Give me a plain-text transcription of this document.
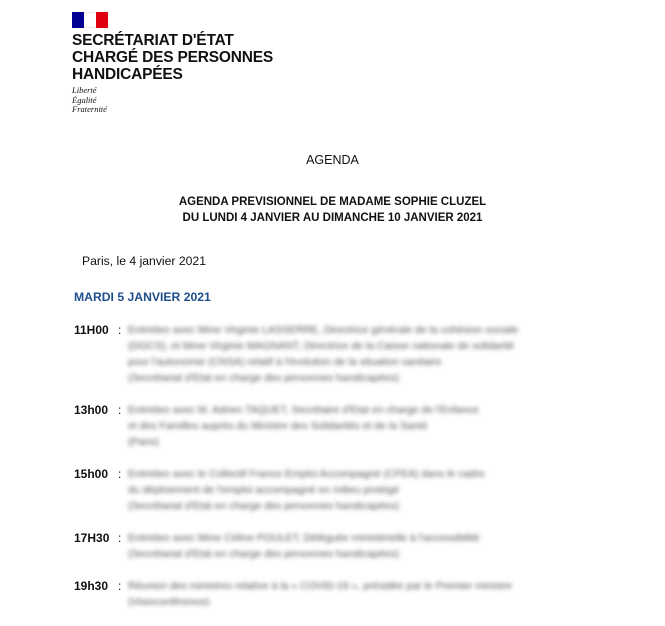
SECRÉTARIAT D'ÉTAT
CHARGÉ DES PERSONNES
HANDICAPÉES
Liberté
Égalité
Fraternité
AGENDA
AGENDA PREVISIONNEL DE MADAME SOPHIE CLUZEL
DU LUNDI 4 JANVIER AU DIMANCHE 10 JANVIER 2021
Paris, le 4 janvier 2021
MARDI 5 JANVIER 2021
11H00 : Entretien avec Mme Virginie LASSERRE, Directrice générale de la cohésion sociale
(DGCS), et Mme Virginie MAGNANT, Directrice de la Caisse nationale de solidarité
pour l'autonomie (CNSA) relatif à l'évolution de la situation sanitaire
(Secrétariat d'Etat en charge des personnes handicapées)
13h00 : Entretien avec M. Adrien TAQUET, Secrétaire d'Etat en charge de l'Enfance
et des Familles auprès du Ministre des Solidarités et de la Santé
(Paris)
15h00 : Entretien avec le Collectif France Emploi Accompagné (CFEA) dans le cadre
du déploiement de l'emploi accompagné en milieu protégé
(Secrétariat d'Etat en charge des personnes handicapées)
17H30 : Entretien avec Mme Céline POULET, Déléguée ministérielle à l'accessibilité
(Secrétariat d'Etat en charge des personnes handicapées)
19h30 : Réunion des ministres relative à la « COVID-19 », présidée par le Premier ministre
(Visioconférence)
